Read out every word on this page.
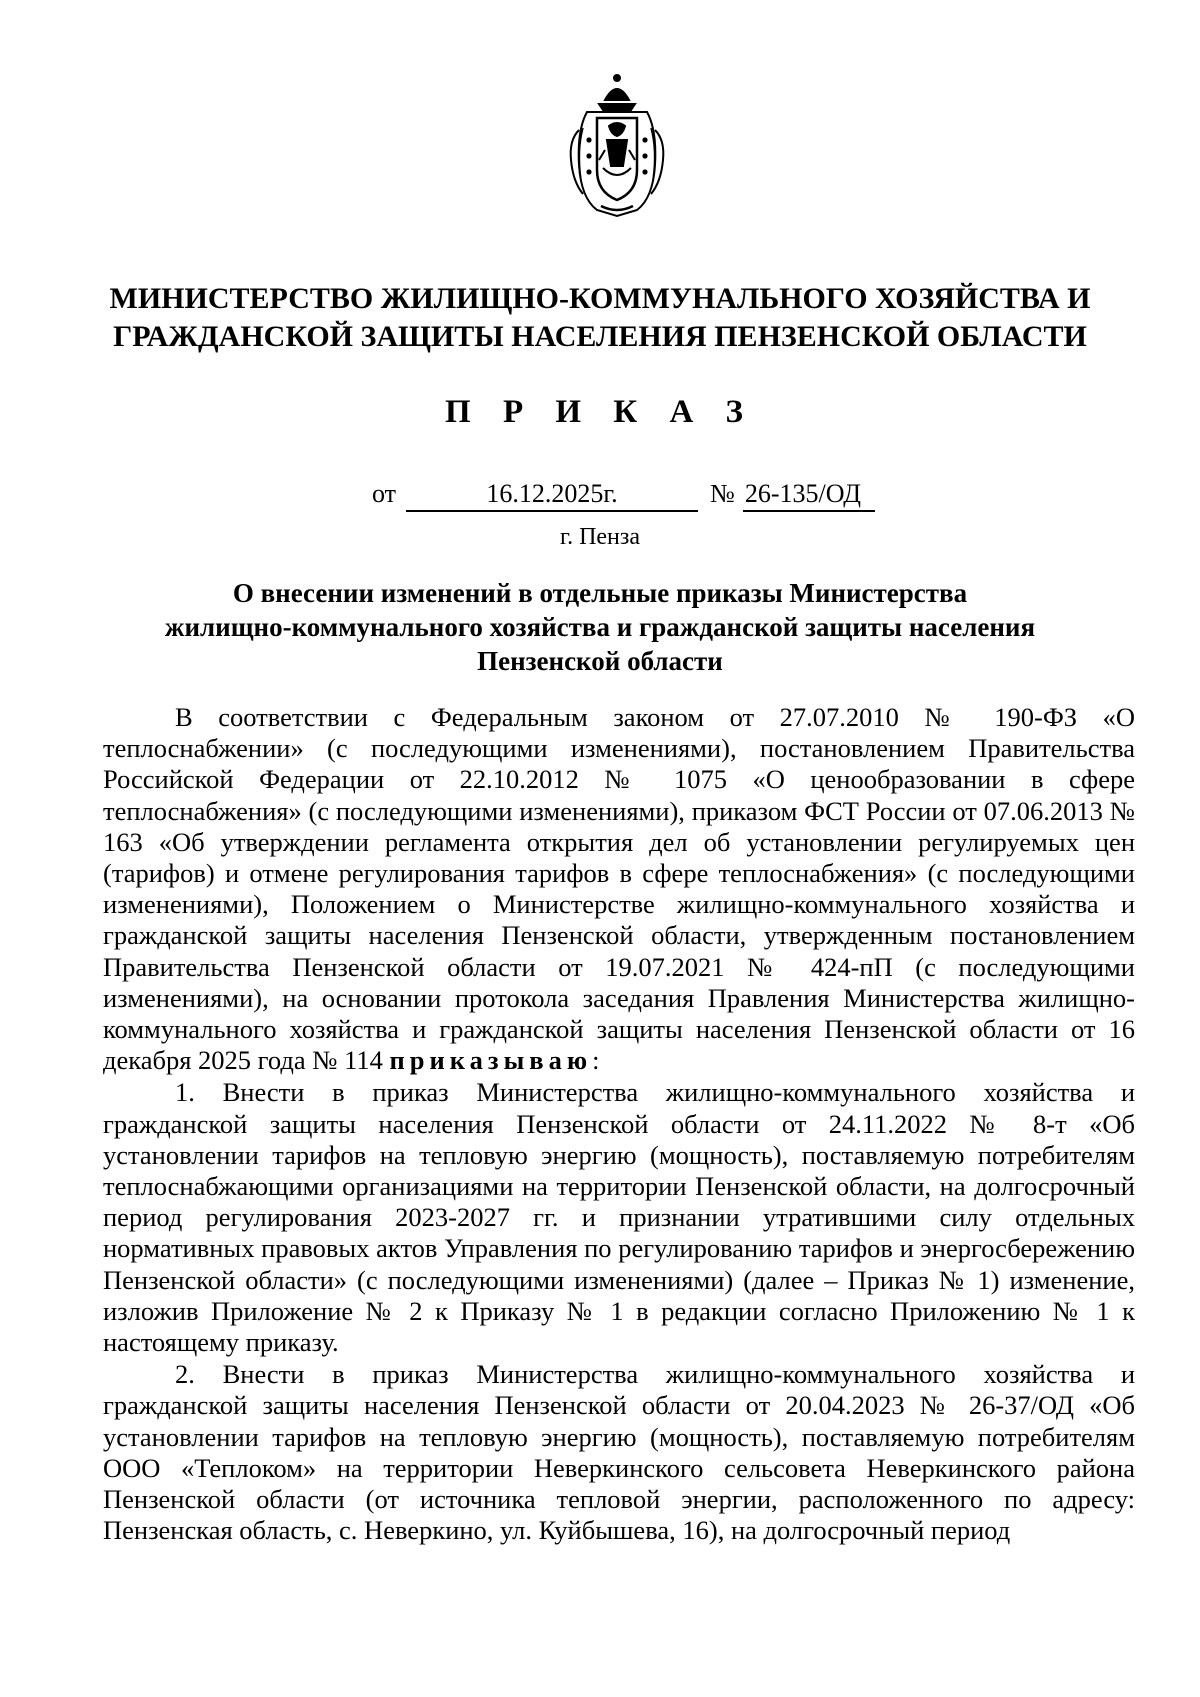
МИНИСТЕРСТВО ЖИЛИЩНО-КОММУНАЛЬНОГО ХОЗЯЙСТВА И
ГРАЖДАНСКОЙ ЗАЩИТЫ НАСЕЛЕНИЯ ПЕНЗЕНСКОЙ ОБЛАСТИ
П Р И К А З
от	16.12.2025г.	№ 26-135/ОД
г. Пенза
О внесении изменений в отдельные приказы Министерства
жилищно-коммунального хозяйства и гражданской защиты населения
Пензенской области

В соответствии с Федеральным законом от 27.07.2010 № 190-ФЗ «О теплоснабжении» (с последующими изменениями), постановлением Правительства Российской Федерации от 22.10.2012 № 1075 «О ценообразовании в сфере теплоснабжения» (с последующими изменениями), приказом ФСТ России от 07.06.2013 № 163 «Об утверждении регламента открытия дел об установлении регулируемых цен (тарифов) и отмене регулирования тарифов в сфере теплоснабжения» (с последующими изменениями), Положением о Министерстве жилищно-коммунального хозяйства и гражданской защиты населения Пензенской области, утвержденным постановлением Правительства Пензенской области от 19.07.2021 № 424-пП (с последующими изменениями), на основании протокола заседания Правления Министерства жилищно-коммунального хозяйства и гражданской защиты населения Пензенской области от 16 декабря 2025 года № 114 приказываю:

1. Внести в приказ Министерства жилищно-коммунального хозяйства и гражданской защиты населения Пензенской области от 24.11.2022 № 8-т «Об установлении тарифов на тепловую энергию (мощность), поставляемую потребителям теплоснабжающими организациями на территории Пензенской области, на долгосрочный период регулирования 2023-2027 гг. и признании утратившими силу отдельных нормативных правовых актов Управления по регулированию тарифов и энергосбережению Пензенской области» (с последующими изменениями) (далее – Приказ № 1) изменение, изложив Приложение № 2 к Приказу № 1 в редакции согласно Приложению № 1 к настоящему приказу.

2. Внести в приказ Министерства жилищно-коммунального хозяйства и гражданской защиты населения Пензенской области от 20.04.2023 № 26-37/ОД «Об установлении тарифов на тепловую энергию (мощность), поставляемую потребителям ООО «Теплоком» на территории Неверкинского сельсовета Неверкинского района Пензенской области (от источника тепловой энергии, расположенного по адресу: Пензенская область, с. Неверкино, ул. Куйбышева, 16), на долгосрочный период
